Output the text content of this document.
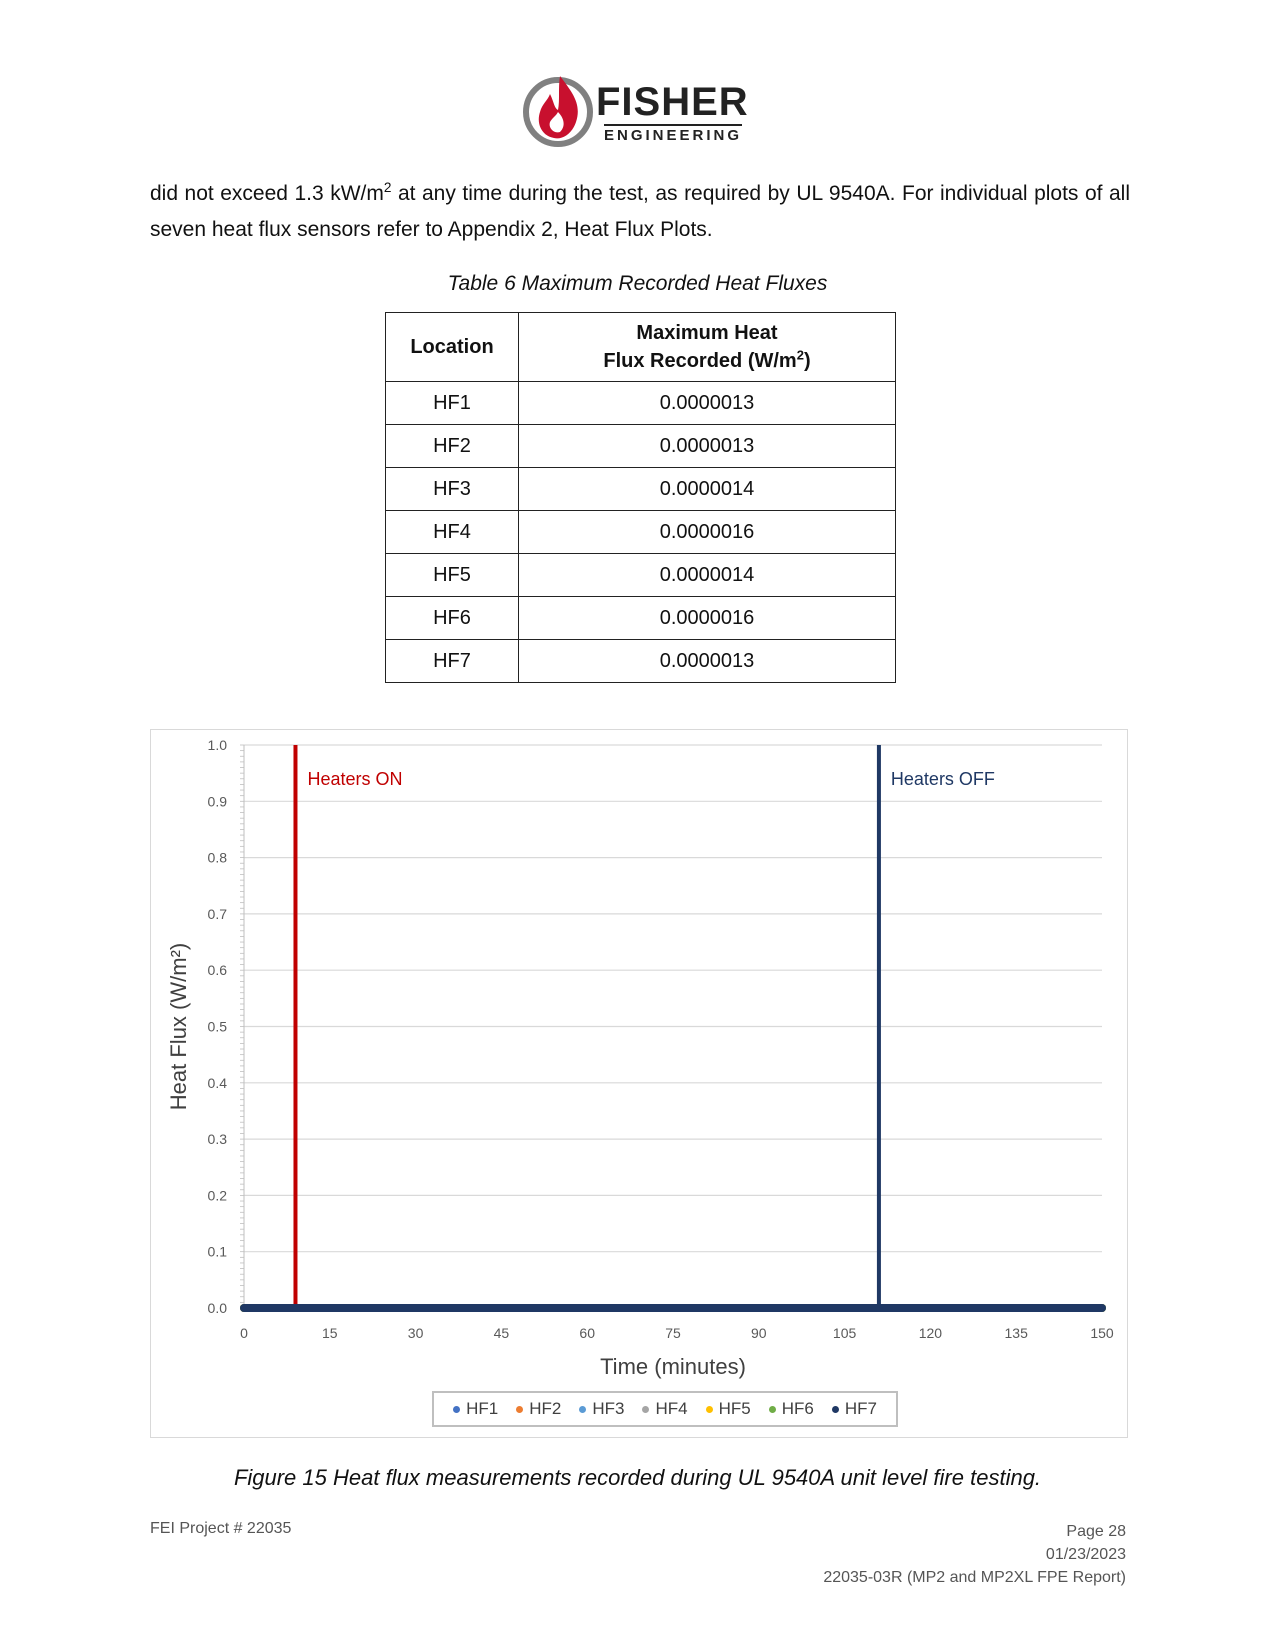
FISHER
ENGINEERING
did not exceed 1.3 $kW/m^2$ at any time during the test, as required by UL 9540A. For individual plots of all seven heat flux sensors refer to Appendix 2, Heat Flux Plots.
Table 6 Maximum Recorded Heat Fluxes
Location	Maximum Heat
Flux Recorded $(W/m^2)$
HF1	0.0000013
HF2	0.0000013
HF3	0.0000014
HF4	0.0000016
HF5	0.0000014
HF6	0.0000016
HF7	0.0000013
0.0
0.1
0.2
0.3
0.4
0.5
0.6
0.7
0.8
0.9
1.0
0	15	30	45	60	75	90	105	120	135	150
Time (minutes)
Heat Flux (W/m²)
Heaters ON	Heaters OFF
HF1 HF2 HF3 HF4 HF5 HF6 HF7
Figure 15 Heat flux measurements recorded during UL 9540A unit level fire testing.
FEI Project # 22035	Page 28
01/23/2023
22035-03R (MP2 and MP2XL FPE Report)
